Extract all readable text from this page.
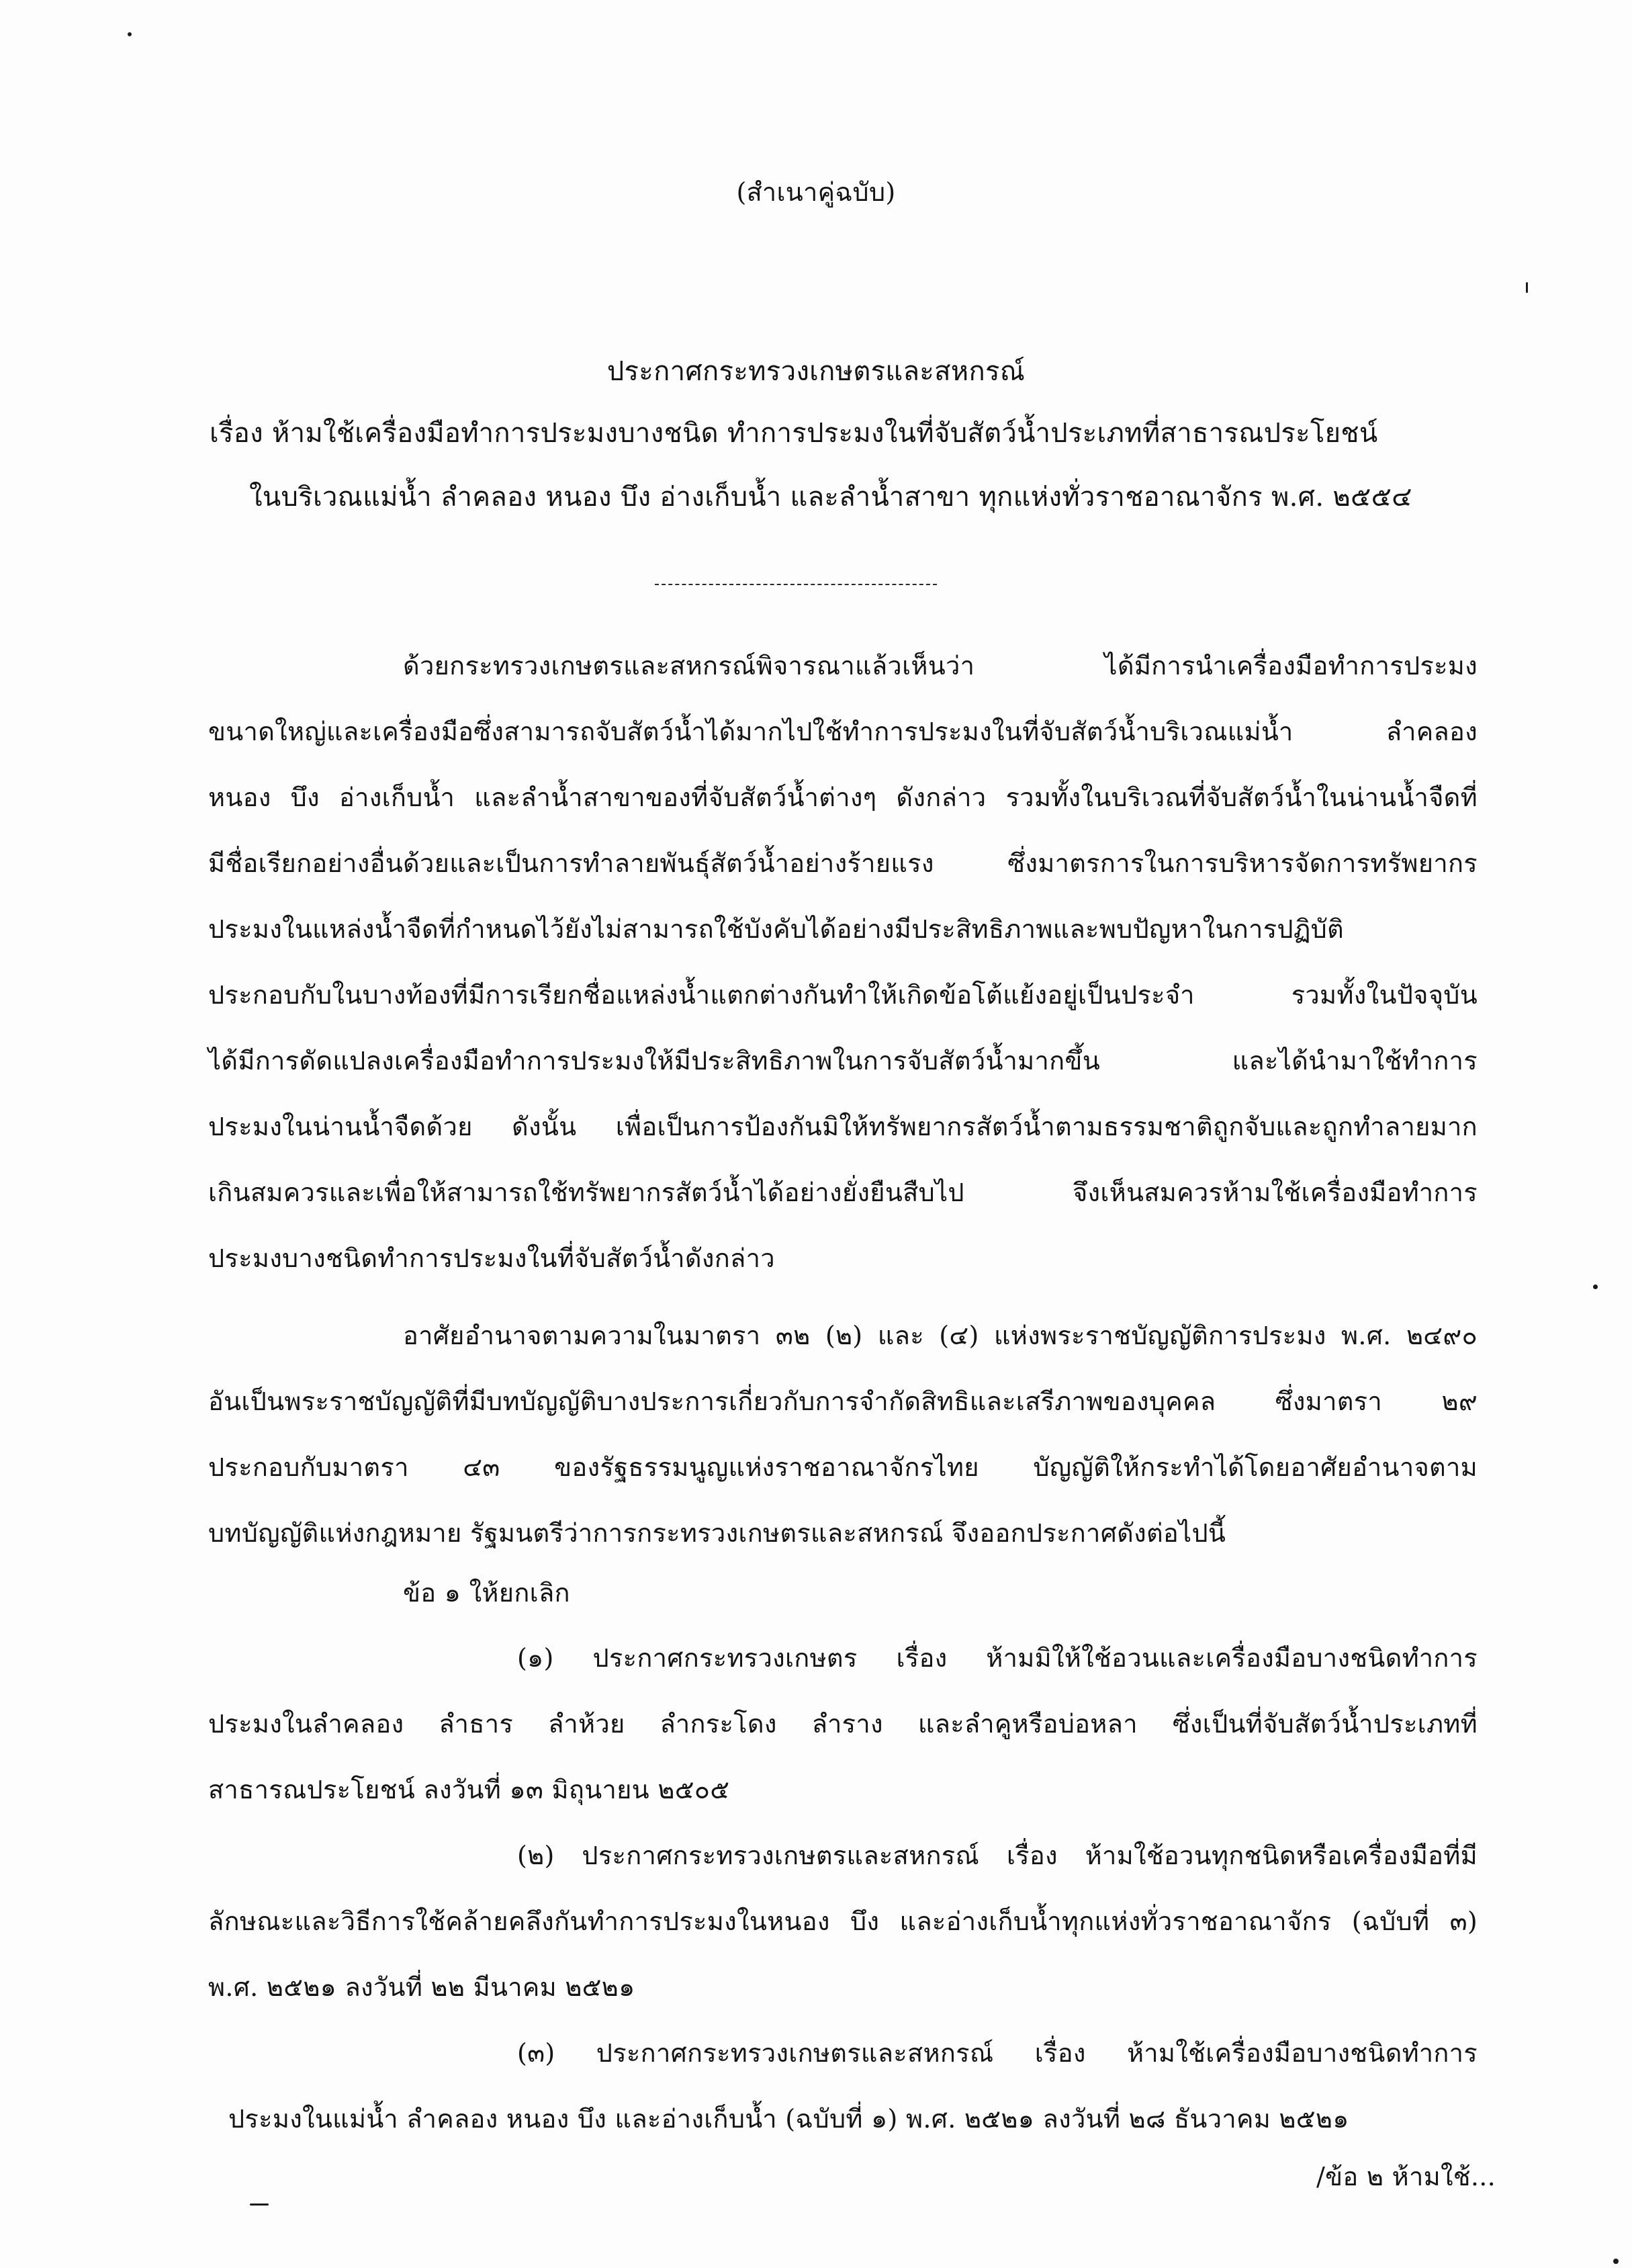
(สำเนาคู่ฉบับ)
ประกาศกระทรวงเกษตรและสหกรณ์
เรื่อง ห้ามใช้เครื่องมือทำการประมงบางชนิด ทำการประมงในที่จับสัตว์น้ำประเภทที่สาธารณประโยชน์
ในบริเวณแม่น้ำ ลำคลอง หนอง บึง อ่างเก็บน้ำ และลำน้ำสาขา ทุกแห่งทั่วราชอาณาจักร พ.ศ. ๒๕๕๔
ด้วยกระทรวงเกษตรและสหกรณ์พิจารณาแล้วเห็นว่า ได้มีการนำเครื่องมือทำการประมง
ขนาดใหญ่และเครื่องมือซึ่งสามารถจับสัตว์น้ำได้มากไปใช้ทำการประมงในที่จับสัตว์น้ำบริเวณแม่น้ำ ลำคลอง
หนอง บึง อ่างเก็บน้ำ และลำน้ำสาขาของที่จับสัตว์น้ำต่างๆ ดังกล่าว รวมทั้งในบริเวณที่จับสัตว์น้ำในน่านน้ำจืดที่
มีชื่อเรียกอย่างอื่นด้วยและเป็นการทำลายพันธุ์สัตว์น้ำอย่างร้ายแรง ซึ่งมาตรการในการบริหารจัดการทรัพยากร
ประมงในแหล่งน้ำจืดที่กำหนดไว้ยังไม่สามารถใช้บังคับได้อย่างมีประสิทธิภาพและพบปัญหาในการปฏิบัติ
ประกอบกับในบางท้องที่มีการเรียกชื่อแหล่งน้ำแตกต่างกันทำให้เกิดข้อโต้แย้งอยู่เป็นประจำ รวมทั้งในปัจจุบัน
ได้มีการดัดแปลงเครื่องมือทำการประมงให้มีประสิทธิภาพในการจับสัตว์น้ำมากขึ้น และได้นำมาใช้ทำการ
ประมงในน่านน้ำจืดด้วย ดังนั้น เพื่อเป็นการป้องกันมิให้ทรัพยากรสัตว์น้ำตามธรรมชาติถูกจับและถูกทำลายมาก
เกินสมควรและเพื่อให้สามารถใช้ทรัพยากรสัตว์น้ำได้อย่างยั่งยืนสืบไป จึงเห็นสมควรห้ามใช้เครื่องมือทำการ
ประมงบางชนิดทำการประมงในที่จับสัตว์น้ำดังกล่าว
อาศัยอำนาจตามความในมาตรา ๓๒ (๒) และ (๔) แห่งพระราชบัญญัติการประมง พ.ศ. ๒๔๙๐
อันเป็นพระราชบัญญัติที่มีบทบัญญัติบางประการเกี่ยวกับการจำกัดสิทธิและเสรีภาพของบุคคล ซึ่งมาตรา ๒๙
ประกอบกับมาตรา ๔๓ ของรัฐธรรมนูญแห่งราชอาณาจักรไทย บัญญัติให้กระทำได้โดยอาศัยอำนาจตาม
บทบัญญัติแห่งกฎหมาย รัฐมนตรีว่าการกระทรวงเกษตรและสหกรณ์ จึงออกประกาศดังต่อไปนี้
ข้อ ๑ ให้ยกเลิก
(๑) ประกาศกระทรวงเกษตร เรื่อง ห้ามมิให้ใช้อวนและเครื่องมือบางชนิดทำการ
ประมงในลำคลอง ลำธาร ลำห้วย ลำกระโดง ลำราง และลำคูหรือบ่อหลา ซึ่งเป็นที่จับสัตว์น้ำประเภทที่
สาธารณประโยชน์ ลงวันที่ ๑๓ มิถุนายน ๒๕๐๕
(๒) ประกาศกระทรวงเกษตรและสหกรณ์ เรื่อง ห้ามใช้อวนทุกชนิดหรือเครื่องมือที่มี
ลักษณะและวิธีการใช้คล้ายคลึงกันทำการประมงในหนอง บึง และอ่างเก็บน้ำทุกแห่งทั่วราชอาณาจักร (ฉบับที่ ๓)
พ.ศ. ๒๕๒๑ ลงวันที่ ๒๒ มีนาคม ๒๕๒๑
(๓) ประกาศกระทรวงเกษตรและสหกรณ์ เรื่อง ห้ามใช้เครื่องมือบางชนิดทำการ
ประมงในแม่น้ำ ลำคลอง หนอง บึง และอ่างเก็บน้ำ (ฉบับที่ ๑) พ.ศ. ๒๕๒๑ ลงวันที่ ๒๘ ธันวาคม ๒๕๒๑
/ข้อ ๒ ห้ามใช้...
